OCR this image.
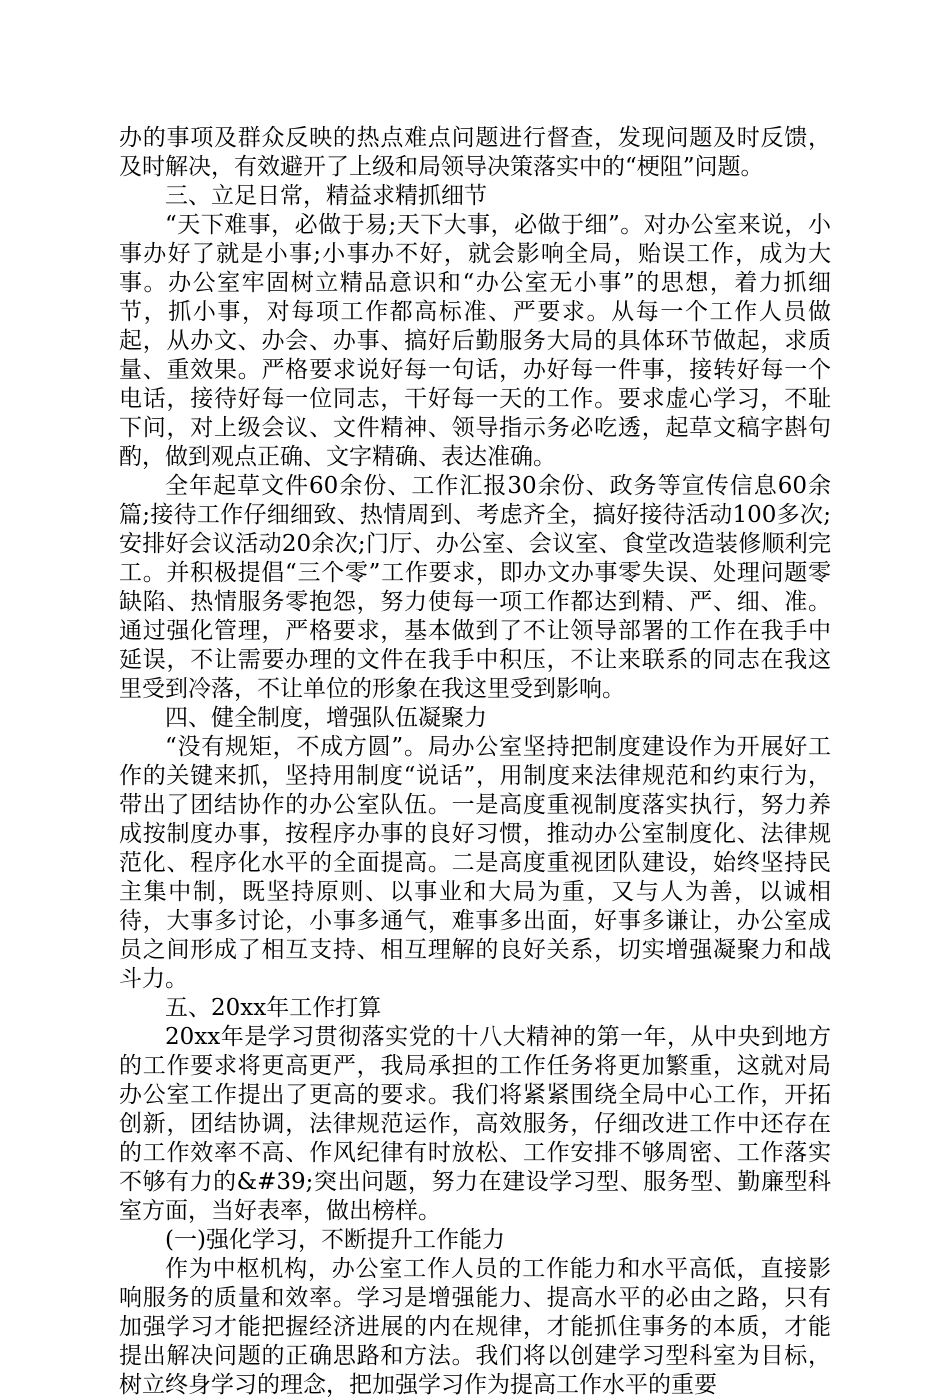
办的事项及群众反映的热点难点问题进行督查，发现问题及时反馈，及时解决，有效避开了上级和局领导决策落实中的“梗阻”问题。

三、立足日常，精益求精抓细节

“天下难事，必做于易;天下大事，必做于细”。对办公室来说，小事办好了就是小事;小事办不好，就会影响全局，贻误工作，成为大事。办公室牢固树立精品意识和“办公室无小事”的思想，着力抓细节，抓小事，对每项工作都高标准、严要求。从每一个工作人员做起，从办文、办会、办事、搞好后勤服务大局的具体环节做起，求质量、重效果。严格要求说好每一句话，办好每一件事，接转好每一个电话，接待好每一位同志，干好每一天的工作。要求虚心学习，不耻下问，对上级会议、文件精神、领导指示务必吃透，起草文稿字斟句酌，做到观点正确、文字精确、表达准确。

全年起草文件60余份、工作汇报30余份、政务等宣传信息60余篇;接待工作仔细细致、热情周到、考虑齐全，搞好接待活动100多次;安排好会议活动20余次;门厅、办公室、会议室、食堂改造装修顺利完工。并积极提倡“三个零”工作要求，即办文办事零失误、处理问题零缺陷、热情服务零抱怨，努力使每一项工作都达到精、严、细、准。通过强化管理，严格要求，基本做到了不让领导部署的工作在我手中延误，不让需要办理的文件在我手中积压，不让来联系的同志在我这里受到冷落，不让单位的形象在我这里受到影响。

四、健全制度，增强队伍凝聚力

“没有规矩，不成方圆”。局办公室坚持把制度建设作为开展好工作的关键来抓，坚持用制度“说话”，用制度来法律规范和约束行为，带出了团结协作的办公室队伍。一是高度重视制度落实执行，努力养成按制度办事，按程序办事的良好习惯，推动办公室制度化、法律规范化、程序化水平的全面提高。二是高度重视团队建设，始终坚持民主集中制，既坚持原则、以事业和大局为重，又与人为善，以诚相待，大事多讨论，小事多通气，难事多出面，好事多谦让，办公室成员之间形成了相互支持、相互理解的良好关系，切实增强凝聚力和战斗力。

五、20xx年工作打算

20xx年是学习贯彻落实党的十八大精神的第一年，从中央到地方的工作要求将更高更严，我局承担的工作任务将更加繁重，这就对局办公室工作提出了更高的要求。我们将紧紧围绕全局中心工作，开拓创新，团结协调，法律规范运作，高效服务，仔细改进工作中还存在的工作效率不高、作风纪律有时放松、工作安排不够周密、工作落实不够有力的&#39;突出问题，努力在建设学习型、服务型、勤廉型科室方面，当好表率，做出榜样。

(一)强化学习，不断提升工作能力

作为中枢机构，办公室工作人员的工作能力和水平高低，直接影响服务的质量和效率。学习是增强能力、提高水平的必由之路，只有加强学习才能把握经济进展的内在规律，才能抓住事务的本质，才能提出解决问题的正确思路和方法。我们将以创建学习型科室为目标，树立终身学习的理念，把加强学习作为提高工作水平的重要
